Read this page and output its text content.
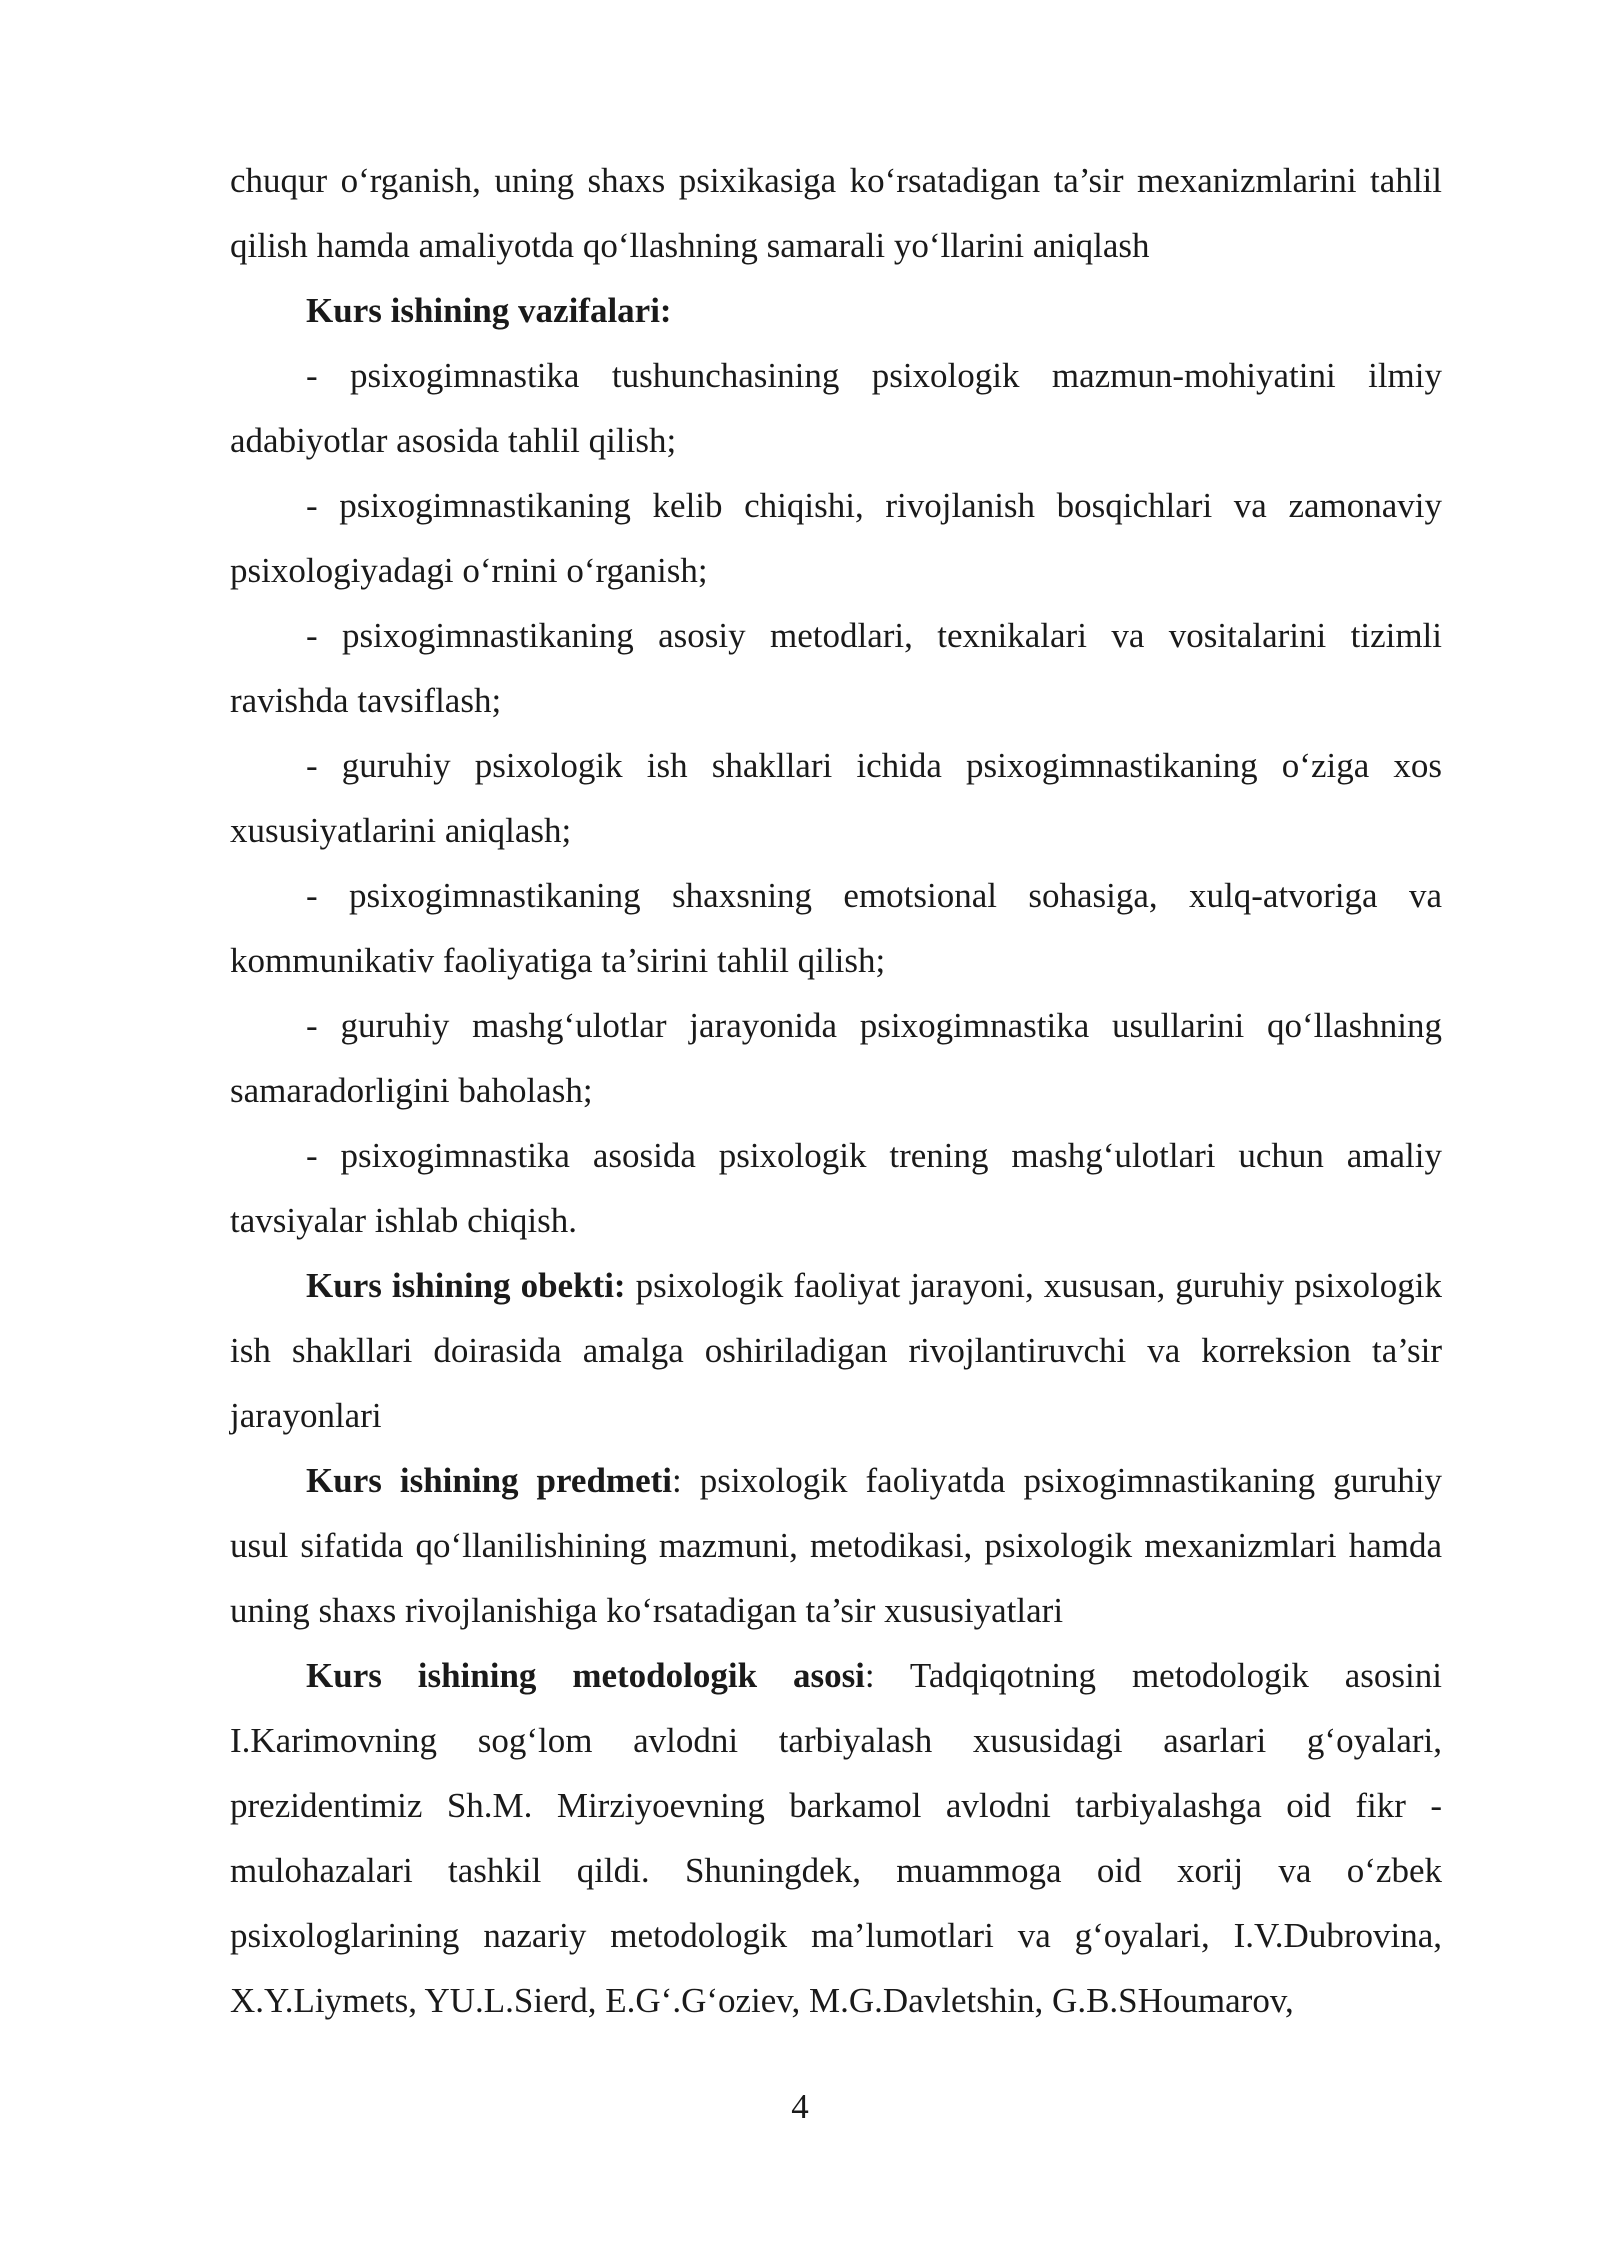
chuqur o‘rganish, uning shaxs psixikasiga ko‘rsatadigan ta’sir mexanizmlarini tahlil qilish hamda amaliyotda qo‘llashning samarali yo‘llarini aniqlash

Kurs ishining vazifalari:

- psixogimnastika tushunchasining psixologik mazmun-mohiyatini ilmiy adabiyotlar asosida tahlil qilish;

- psixogimnastikaning kelib chiqishi, rivojlanish bosqichlari va zamonaviy psixologiyadagi o‘rnini o‘rganish;

- psixogimnastikaning asosiy metodlari, texnikalari va vositalarini tizimli ravishda tavsiflash;

- guruhiy psixologik ish shakllari ichida psixogimnastikaning o‘ziga xos xususiyatlarini aniqlash;

- psixogimnastikaning shaxsning emotsional sohasiga, xulq-atvoriga va kommunikativ faoliyatiga ta’sirini tahlil qilish;

- guruhiy mashg‘ulotlar jarayonida psixogimnastika usullarini qo‘llashning samaradorligini baholash;

- psixogimnastika asosida psixologik trening mashg‘ulotlari uchun amaliy tavsiyalar ishlab chiqish.

Kurs ishining obekti: psixologik faoliyat jarayoni, xususan, guruhiy psixologik ish shakllari doirasida amalga oshiriladigan rivojlantiruvchi va korreksion ta’sir jarayonlari

Kurs ishining predmeti: psixologik faoliyatda psixogimnastikaning guruhiy usul sifatida qo‘llanilishining mazmuni, metodikasi, psixologik mexanizmlari hamda uning shaxs rivojlanishiga ko‘rsatadigan ta’sir xususiyatlari

Kurs ishining metodologik asosi: Tadqiqotning metodologik asosini I.Karimovning sog‘lom avlodni tarbiyalash xususidagi asarlari g‘oyalari, prezidentimiz Sh.M. Mirziyoevning barkamol avlodni tarbiyalashga oid fikr -mulohazalari tashkil qildi. Shuningdek, muammoga oid xorij va o‘zbek psixologlarining nazariy metodologik ma’lumotlari va g‘oyalari, I.V.Dubrovina, X.Y.Liymets, YU.L.Sierd, E.G‘.G‘oziev, M.G.Davletshin, G.B.SHoumarov,

4
